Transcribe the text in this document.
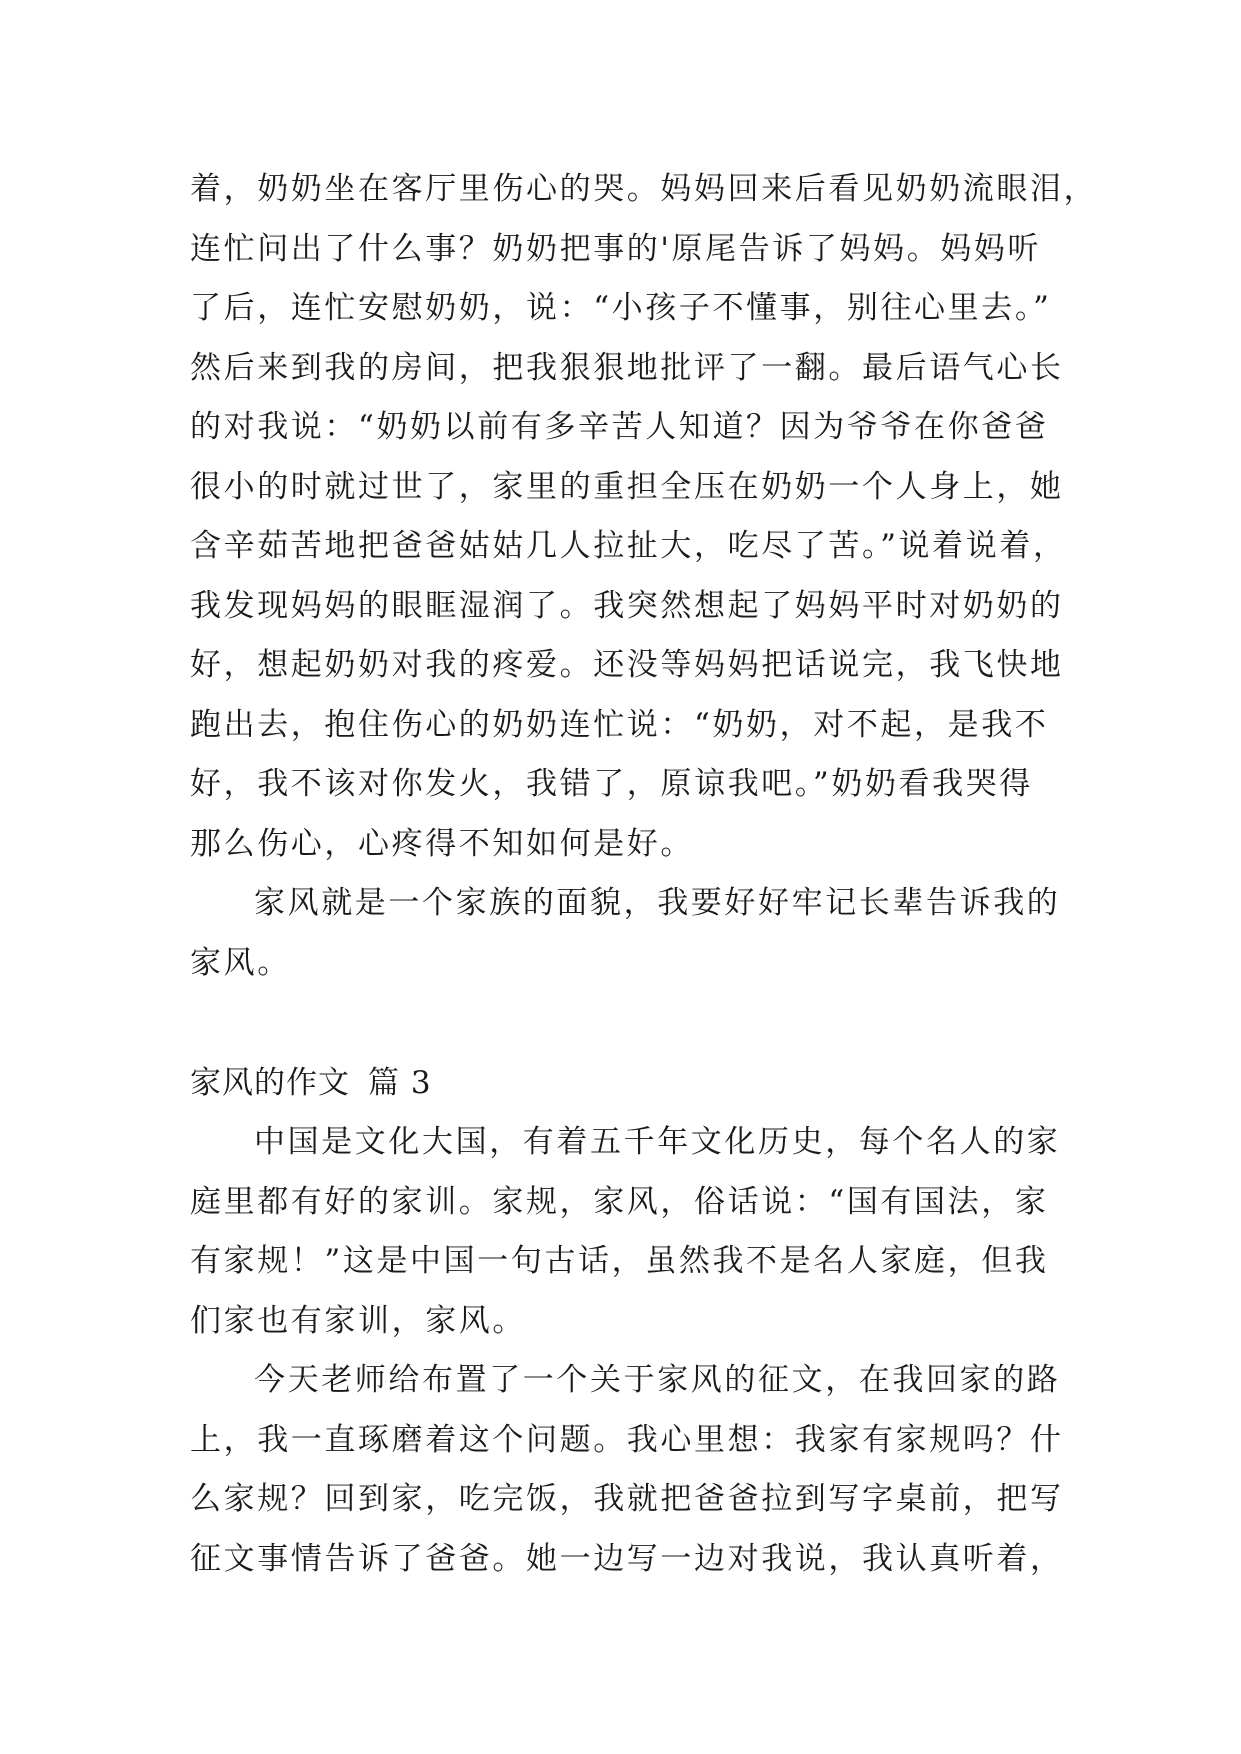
着，奶奶坐在客厅里伤心的哭。妈妈回来后看见奶奶流眼泪，
连忙问出了什么事？奶奶把事的'原尾告诉了妈妈。妈妈听
了后，连忙安慰奶奶，说：“小孩子不懂事，别往心里去。”
然后来到我的房间，把我狠狠地批评了一翻。最后语气心长
的对我说：“奶奶以前有多辛苦人知道？因为爷爷在你爸爸
很小的时就过世了，家里的重担全压在奶奶一个人身上，她
含辛茹苦地把爸爸姑姑几人拉扯大，吃尽了苦。”说着说着，
我发现妈妈的眼眶湿润了。我突然想起了妈妈平时对奶奶的
好，想起奶奶对我的疼爱。还没等妈妈把话说完，我飞快地
跑出去，抱住伤心的奶奶连忙说：“奶奶，对不起，是我不
好，我不该对你发火，我错了，原谅我吧。”奶奶看我哭得
那么伤心，心疼得不知如何是好。
家风就是一个家族的面貌，我要好好牢记长辈告诉我的
家风。
家风的作文 篇 3
中国是文化大国，有着五千年文化历史，每个名人的家
庭里都有好的家训。家规，家风，俗话说：“国有国法，家
有家规！”这是中国一句古话，虽然我不是名人家庭，但我
们家也有家训，家风。
今天老师给布置了一个关于家风的征文，在我回家的路
上，我一直琢磨着这个问题。我心里想：我家有家规吗？什
么家规？回到家，吃完饭，我就把爸爸拉到写字桌前，把写
征文事情告诉了爸爸。她一边写一边对我说，我认真听着，
